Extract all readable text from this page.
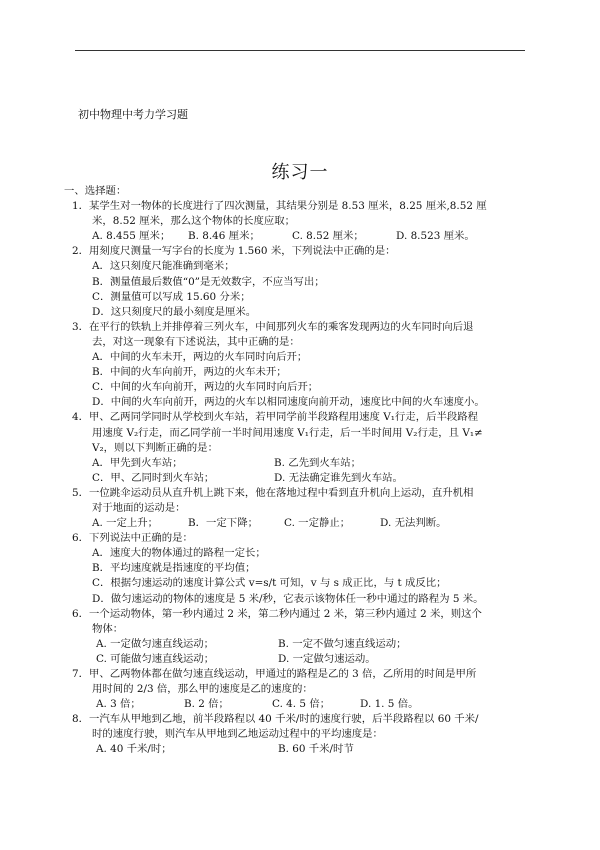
初中物理中考力学习题
练习一
一、选择题：
1．某学生对一物体的长度进行了四次测量，其结果分别是 8.53 厘米，8.25 厘米,8.52 厘
米，8.52 厘米，那么这个物体的长度应取；
A. 8.455 厘米；	B. 8.46 厘米；	C. 8.52 厘米；	D. 8.523 厘米。
2．用刻度尺测量一写字台的长度为 1.560 米，下列说法中正确的是：
A．这只刻度尺能准确到毫米；
B．测量值最后数值“0”是无效数字，不应当写出；
C．测量值可以写成 15.60 分米；
D．这只刻度尺的最小刻度是厘米。
3．在平行的铁轨上并排停着三列火车，中间那列火车的乘客发现两边的火车同时向后退
去，对这一现象有下述说法，其中正确的是：
A．中间的火车未开，两边的火车同时向后开；
B．中间的火车向前开，两边的火车未开；
C．中间的火车向前开，两边的火车同时向后开；
D．中间的火车向前开，两边的火车以相同速度向前开动，速度比中间的火车速度小。
4．甲、乙两同学同时从学校到火车站，若甲同学前半段路程用速度 V₁行走，后半段路程
用速度 V₂行走，而乙同学前一半时间用速度 V₁行走，后一半时间用 V₂行走，且 V₁≠
V₂，则以下判断正确的是：
A．甲先到火车站；	B. 乙先到火车站；
C．甲、乙同时到火车站；	D. 无法确定谁先到火车站。
5．一位跳伞运动员从直升机上跳下来，他在落地过程中看到直升机向上运动，直升机相
对于地面的运动是：
A. 一定上升；	B．一定下降；	C. 一定静止；	D. 无法判断。
6．下列说法中正确的是：
A．速度大的物体通过的路程一定长；
B．平均速度就是指速度的平均值；
C．根据匀速运动的速度计算公式 v=s/t 可知，v 与 s 成正比，与 t 成反比；
D．做匀速运动的物体的速度是 5 米/秒，它表示该物体任一秒中通过的路程为 5 米。
6．一个运动物体，第一秒内通过 2 米，第二秒内通过 2 米，第三秒内通过 2 米，则这个
物体：
A. 一定做匀速直线运动；	B. 一定不做匀速直线运动；
C. 可能做匀速直线运动；	D. 一定做匀速运动。
7．甲、乙两物体都在做匀速直线运动，甲通过的路程是乙的 3 倍，乙所用的时间是甲所
用时间的 2/3 倍，那么甲的速度是乙的速度的：
A. 3 倍；	B. 2 倍；	C. 4. 5 倍；	D. 1. 5 倍。
8．一汽车从甲地到乙地，前半段路程以 40 千米/时的速度行驶，后半段路程以 60 千米/
时的速度行驶，则汽车从甲地到乙地运动过程中的平均速度是：
A. 40 千米/时；	B. 60 千米/时节
